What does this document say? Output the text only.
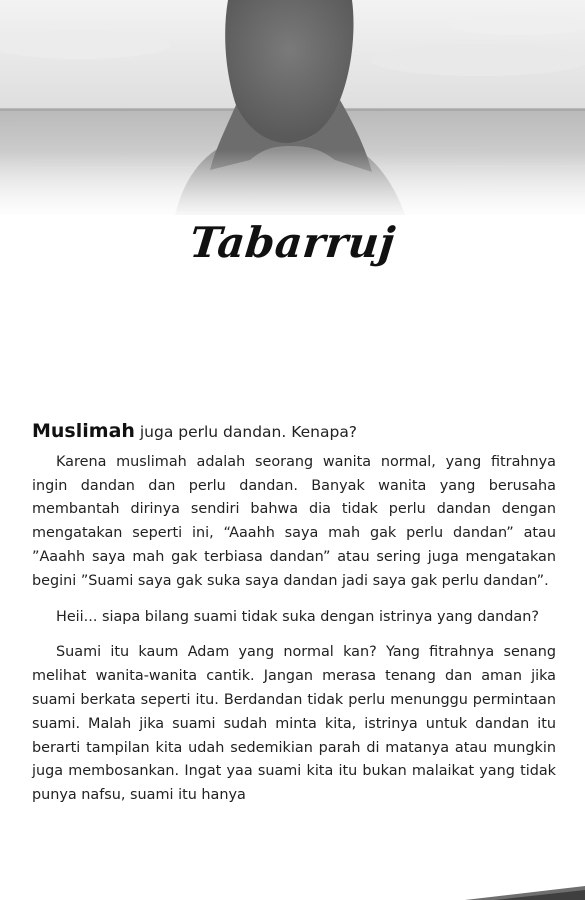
Tabarruj

Muslimah juga perlu dandan. Kenapa?

Karena muslimah adalah seorang wanita normal, yang fitrahnya ingin dandan dan perlu dandan. Banyak wanita yang berusaha membantah dirinya sendiri bahwa dia tidak perlu dandan dengan mengatakan seperti ini, “Aaahh saya mah gak perlu dandan” atau ”Aaahh saya mah gak terbiasa dandan” atau sering juga mengatakan begini ”Suami saya gak suka saya dandan jadi saya gak perlu dandan”.

Heii... siapa bilang suami tidak suka dengan istrinya yang dandan?

Suami itu kaum Adam yang normal kan? Yang fitrahnya senang melihat wanita-wanita cantik. Jangan merasa tenang dan aman jika suami berkata seperti itu. Berdandan tidak perlu menunggu permintaan suami. Malah jika suami sudah minta kita, istrinya untuk dandan itu berarti tampilan kita udah sedemikian parah di matanya atau mungkin juga membosankan. Ingat yaa suami kita itu bukan malaikat yang tidak punya nafsu, suami itu hanya
